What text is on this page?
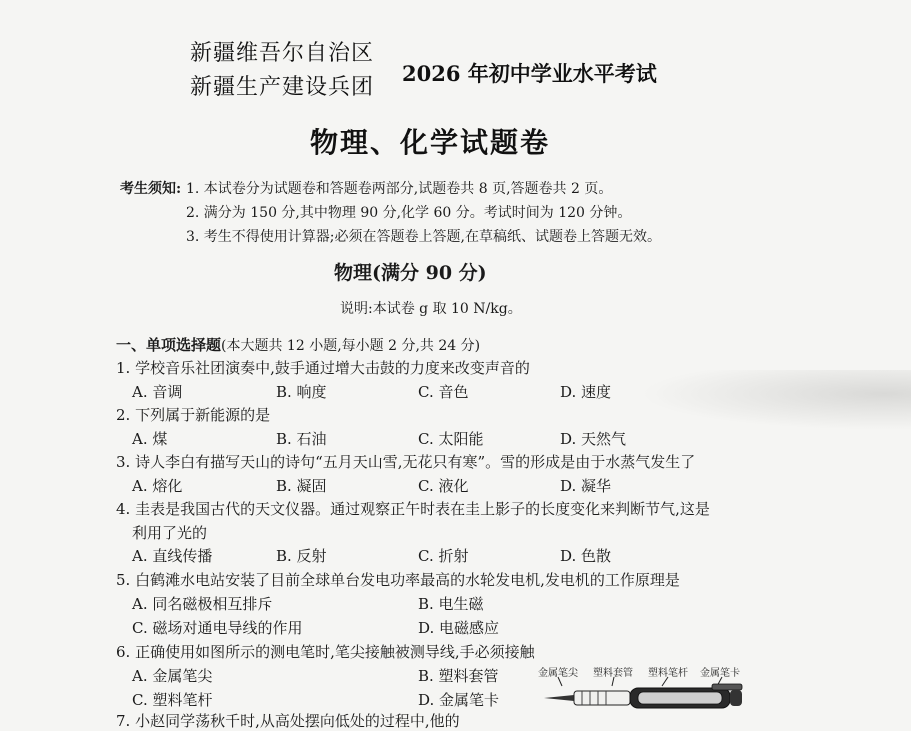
新疆维吾尔自治区
新疆生产建设兵团
2026 年初中学业水平考试
物理、化学试题卷
考生须知: 1. 本试卷分为试题卷和答题卷两部分,试题卷共 8 页,答题卷共 2 页。
2. 满分为 150 分,其中物理 90 分,化学 60 分。考试时间为 120 分钟。
3. 考生不得使用计算器;必须在答题卷上答题,在草稿纸、试题卷上答题无效。
物理(满分 90 分)
说明:本试卷 g 取 10 N/kg。
一、单项选择题(本大题共 12 小题,每小题 2 分,共 24 分)
1. 学校音乐社团演奏中,鼓手通过增大击鼓的力度来改变声音的
A. 音调	B. 响度	C. 音色	D. 速度
2. 下列属于新能源的是
A. 煤	B. 石油	C. 太阳能	D. 天然气
3. 诗人李白有描写天山的诗句“五月天山雪,无花只有寒”。雪的形成是由于水蒸气发生了
A. 熔化	B. 凝固	C. 液化	D. 凝华
4. 圭表是我国古代的天文仪器。通过观察正午时表在圭上影子的长度变化来判断节气,这是
利用了光的
A. 直线传播	B. 反射	C. 折射	D. 色散
5. 白鹤滩水电站安装了目前全球单台发电功率最高的水轮发电机,发电机的工作原理是
A. 同名磁极相互排斥	B. 电生磁
C. 磁场对通电导线的作用	D. 电磁感应
6. 正确使用如图所示的测电笔时,笔尖接触被测导线,手必须接触
A. 金属笔尖	B. 塑料套管
C. 塑料笔杆	D. 金属笔卡
7. 小赵同学荡秋千时,从高处摆向低处的过程中,他的
金属笔尖 塑料套管 塑料笔杆 金属笔卡
